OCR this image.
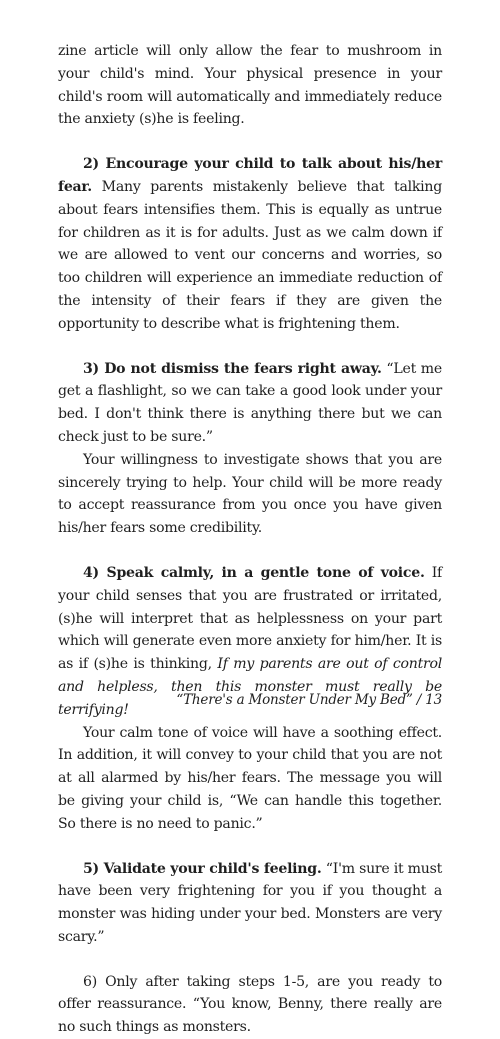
zine article will only allow the fear to mushroom in your child's mind. Your physical presence in your child's room will automatically and immediately reduce the anxiety (s)he is feeling.

2) Encourage your child to talk about his/her fear. Many parents mistakenly believe that talking about fears intensifies them. This is equally as untrue for children as it is for adults. Just as we calm down if we are allowed to vent our concerns and worries, so too children will experience an immediate reduction of the intensity of their fears if they are given the opportunity to describe what is frightening them.

3) Do not dismiss the fears right away. “Let me get a flashlight, so we can take a good look under your bed. I don't think there is anything there but we can check just to be sure.”

Your willingness to investigate shows that you are sincerely trying to help. Your child will be more ready to accept reassurance from you once you have given his/her fears some credibility.

4) Speak calmly, in a gentle tone of voice. If your child senses that you are frustrated or irritated, (s)he will interpret that as helplessness on your part which will generate even more anxiety for him/her. It is as if (s)he is thinking, If my parents are out of control and helpless, then this monster must really be terrifying!

Your calm tone of voice will have a soothing effect. In addition, it will convey to your child that you are not at all alarmed by his/her fears. The message you will be giving your child is, “We can handle this together. So there is no need to panic.”

5) Validate your child's feeling. “I'm sure it must have been very frightening for you if you thought a monster was hiding under your bed. Monsters are very scary.”

6) Only after taking steps 1-5, are you ready to offer reassurance. “You know, Benny, there really are no such things as monsters.

“There's a Monster Under My Bed” / 13
